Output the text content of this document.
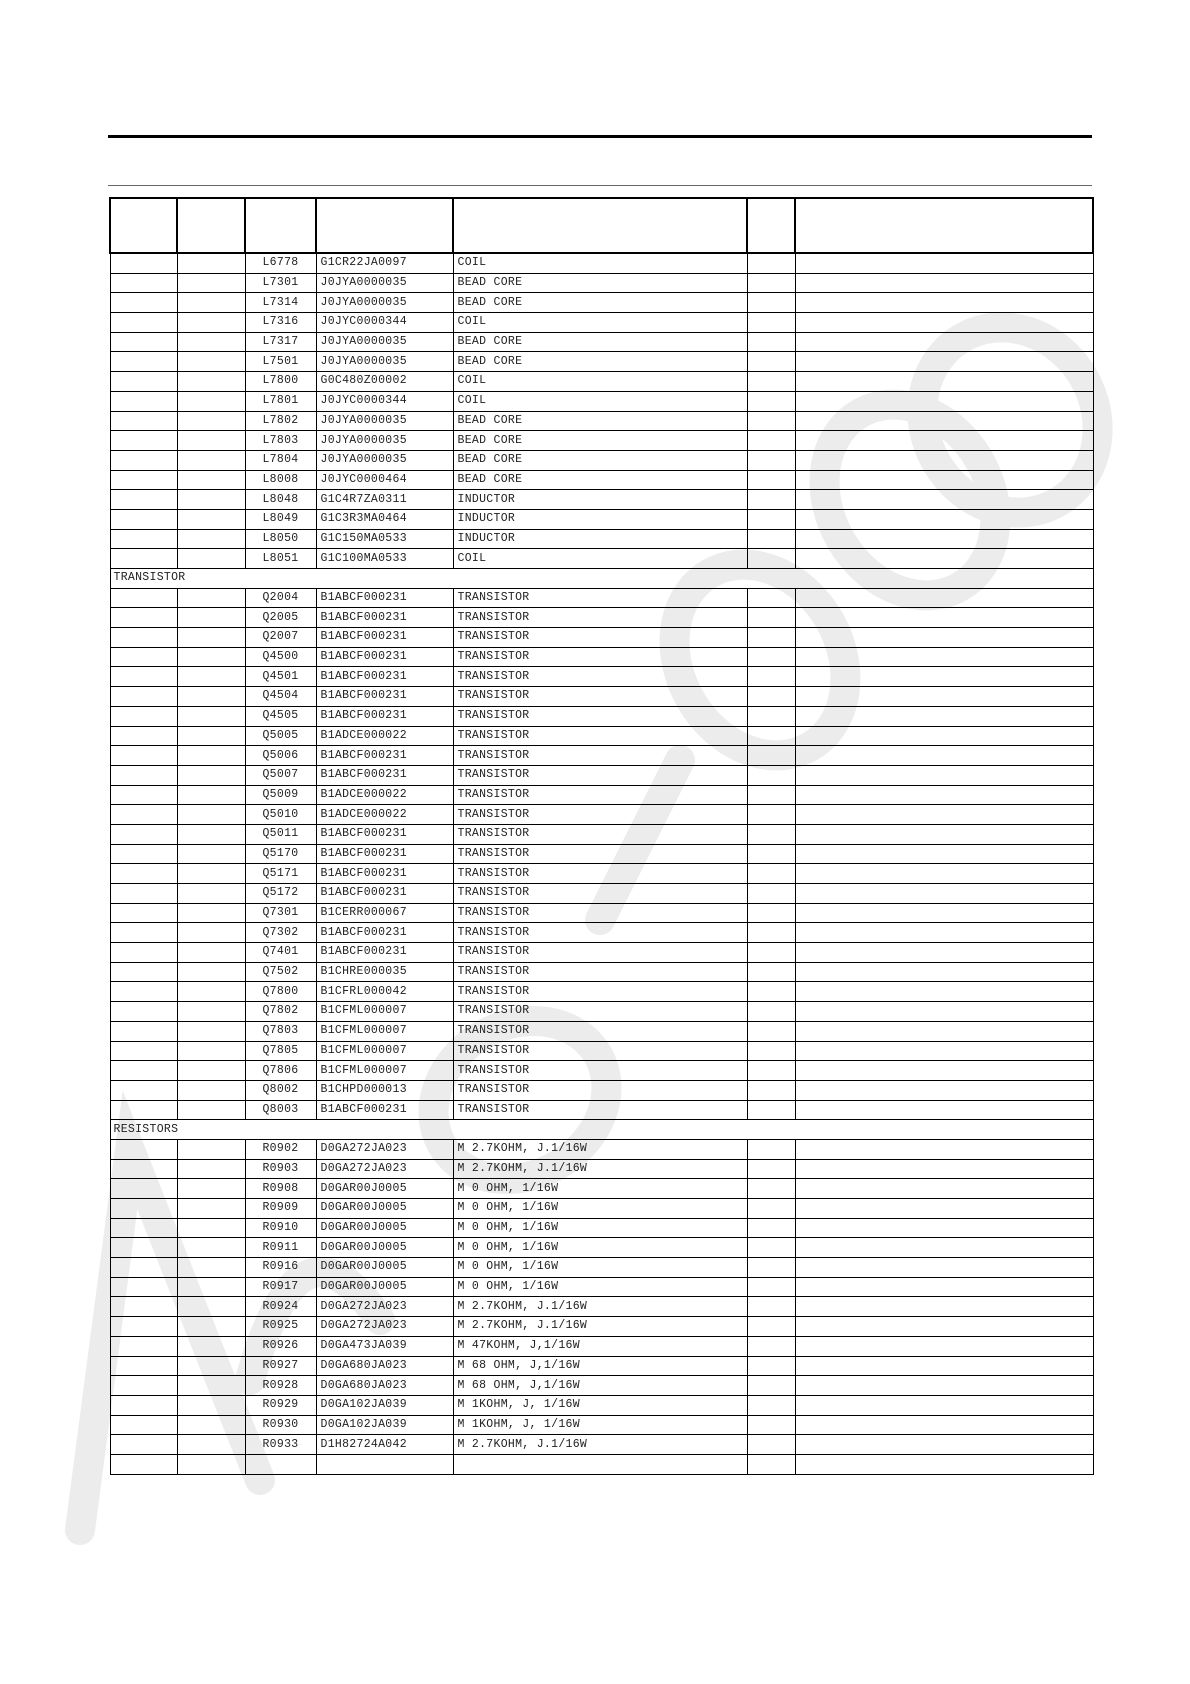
		L6778	G1CR22JA0097	COIL		
		L7301	J0JYA0000035	BEAD CORE		
		L7314	J0JYA0000035	BEAD CORE		
		L7316	J0JYC0000344	COIL		
		L7317	J0JYA0000035	BEAD CORE		
		L7501	J0JYA0000035	BEAD CORE		
		L7800	G0C480Z00002	COIL		
		L7801	J0JYC0000344	COIL		
		L7802	J0JYA0000035	BEAD CORE		
		L7803	J0JYA0000035	BEAD CORE		
		L7804	J0JYA0000035	BEAD CORE		
		L8008	J0JYC0000464	BEAD CORE		
		L8048	G1C4R7ZA0311	INDUCTOR		
		L8049	G1C3R3MA0464	INDUCTOR		
		L8050	G1C150MA0533	INDUCTOR		
		L8051	G1C100MA0533	COIL		
TRANSISTOR						
		Q2004	B1ABCF000231	TRANSISTOR		
		Q2005	B1ABCF000231	TRANSISTOR		
		Q2007	B1ABCF000231	TRANSISTOR		
		Q4500	B1ABCF000231	TRANSISTOR		
		Q4501	B1ABCF000231	TRANSISTOR		
		Q4504	B1ABCF000231	TRANSISTOR		
		Q4505	B1ABCF000231	TRANSISTOR		
		Q5005	B1ADCE000022	TRANSISTOR		
		Q5006	B1ABCF000231	TRANSISTOR		
		Q5007	B1ABCF000231	TRANSISTOR		
		Q5009	B1ADCE000022	TRANSISTOR		
		Q5010	B1ADCE000022	TRANSISTOR		
		Q5011	B1ABCF000231	TRANSISTOR		
		Q5170	B1ABCF000231	TRANSISTOR		
		Q5171	B1ABCF000231	TRANSISTOR		
		Q5172	B1ABCF000231	TRANSISTOR		
		Q7301	B1CERR000067	TRANSISTOR		
		Q7302	B1ABCF000231	TRANSISTOR		
		Q7401	B1ABCF000231	TRANSISTOR		
		Q7502	B1CHRE000035	TRANSISTOR		
		Q7800	B1CFRL000042	TRANSISTOR		
		Q7802	B1CFML000007	TRANSISTOR		
		Q7803	B1CFML000007	TRANSISTOR		
		Q7805	B1CFML000007	TRANSISTOR		
		Q7806	B1CFML000007	TRANSISTOR		
		Q8002	B1CHPD000013	TRANSISTOR		
		Q8003	B1ABCF000231	TRANSISTOR		
RESISTORS						
		R0902	D0GA272JA023	M 2.7KOHM, J.1/16W		
		R0903	D0GA272JA023	M 2.7KOHM, J.1/16W		
		R0908	D0GAR00J0005	M 0 OHM, 1/16W		
		R0909	D0GAR00J0005	M 0 OHM, 1/16W		
		R0910	D0GAR00J0005	M 0 OHM, 1/16W		
		R0911	D0GAR00J0005	M 0 OHM, 1/16W		
		R0916	D0GAR00J0005	M 0 OHM, 1/16W		
		R0917	D0GAR00J0005	M 0 OHM, 1/16W		
		R0924	D0GA272JA023	M 2.7KOHM, J.1/16W		
		R0925	D0GA272JA023	M 2.7KOHM, J.1/16W		
		R0926	D0GA473JA039	M 47KOHM, J,1/16W		
		R0927	D0GA680JA023	M 68 OHM, J,1/16W		
		R0928	D0GA680JA023	M 68 OHM, J,1/16W		
		R0929	D0GA102JA039	M 1KOHM, J, 1/16W		
		R0930	D0GA102JA039	M 1KOHM, J, 1/16W		
		R0933	D1H82724A042	M 2.7KOHM, J.1/16W		
